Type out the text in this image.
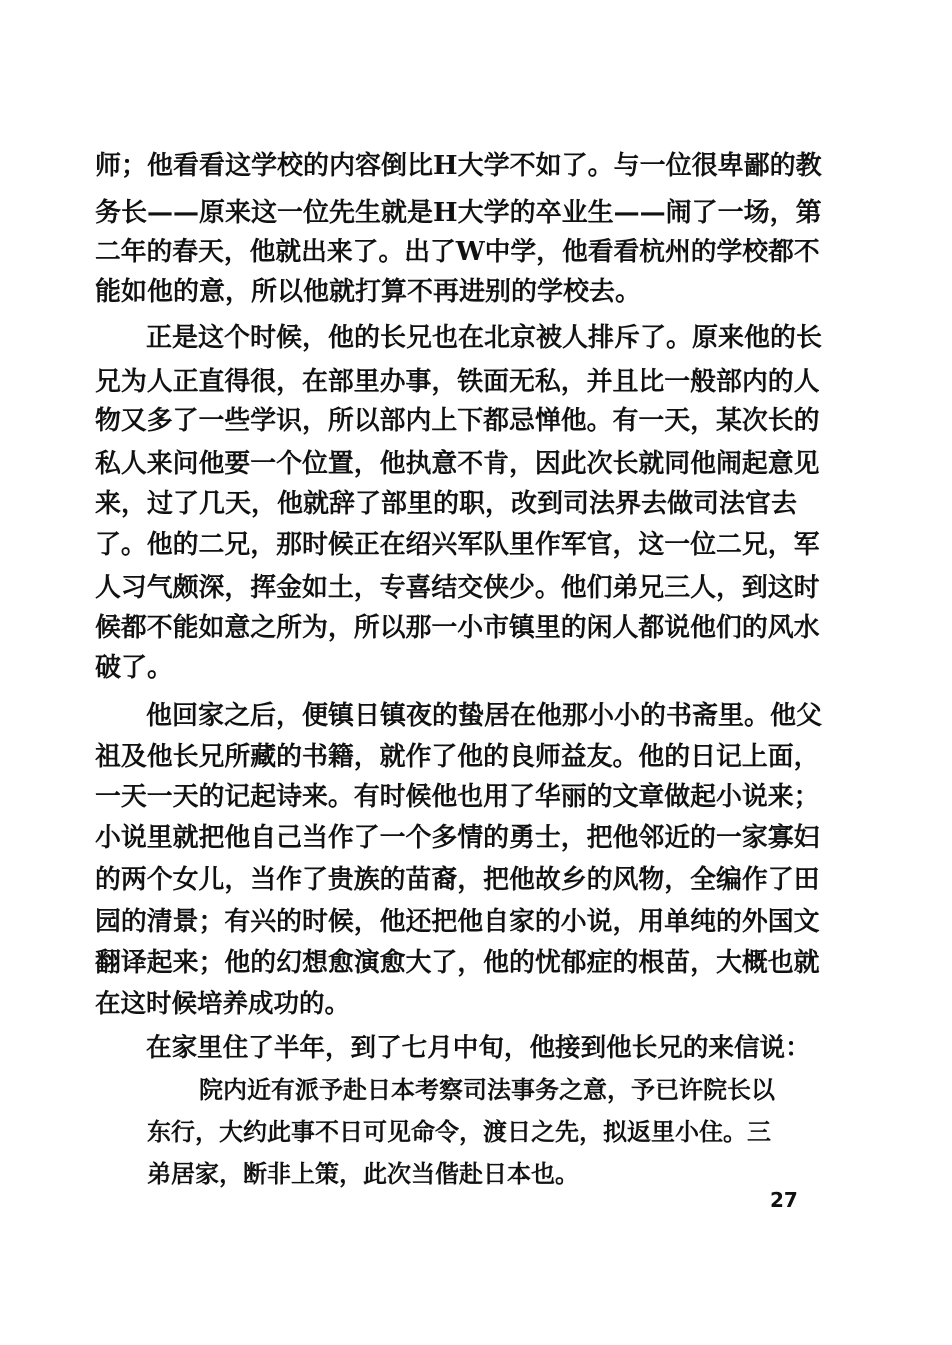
师；他看看这学校的内容倒比H大学不如了。与一位很卑鄙的教
务长——原来这一位先生就是H大学的卒业生——闹了一场，第
二年的春天，他就出来了。出了W中学，他看看杭州的学校都不
能如他的意，所以他就打算不再进别的学校去。
正是这个时候，他的长兄也在北京被人排斥了。原来他的长
兄为人正直得很，在部里办事，铁面无私，并且比一般部内的人
物又多了一些学识，所以部内上下都忌惮他。有一天，某次长的
私人来问他要一个位置，他执意不肯，因此次长就同他闹起意见
来，过了几天，他就辞了部里的职，改到司法界去做司法官去
了。他的二兄，那时候正在绍兴军队里作军官，这一位二兄，军
人习气颇深，挥金如土，专喜结交侠少。他们弟兄三人，到这时
候都不能如意之所为，所以那一小市镇里的闲人都说他们的风水
破了。
他回家之后，便镇日镇夜的蛰居在他那小小的书斋里。他父
祖及他长兄所藏的书籍，就作了他的良师益友。他的日记上面，
一天一天的记起诗来。有时候他也用了华丽的文章做起小说来；
小说里就把他自己当作了一个多情的勇士，把他邻近的一家寡妇
的两个女儿，当作了贵族的苗裔，把他故乡的风物，全编作了田
园的清景；有兴的时候，他还把他自家的小说，用单纯的外国文
翻译起来；他的幻想愈演愈大了，他的忧郁症的根苗，大概也就
在这时候培养成功的。
在家里住了半年，到了七月中旬，他接到他长兄的来信说：
院内近有派予赴日本考察司法事务之意，予已许院长以
东行，大约此事不日可见命令，渡日之先，拟返里小住。三
弟居家，断非上策，此次当偕赴日本也。
27
